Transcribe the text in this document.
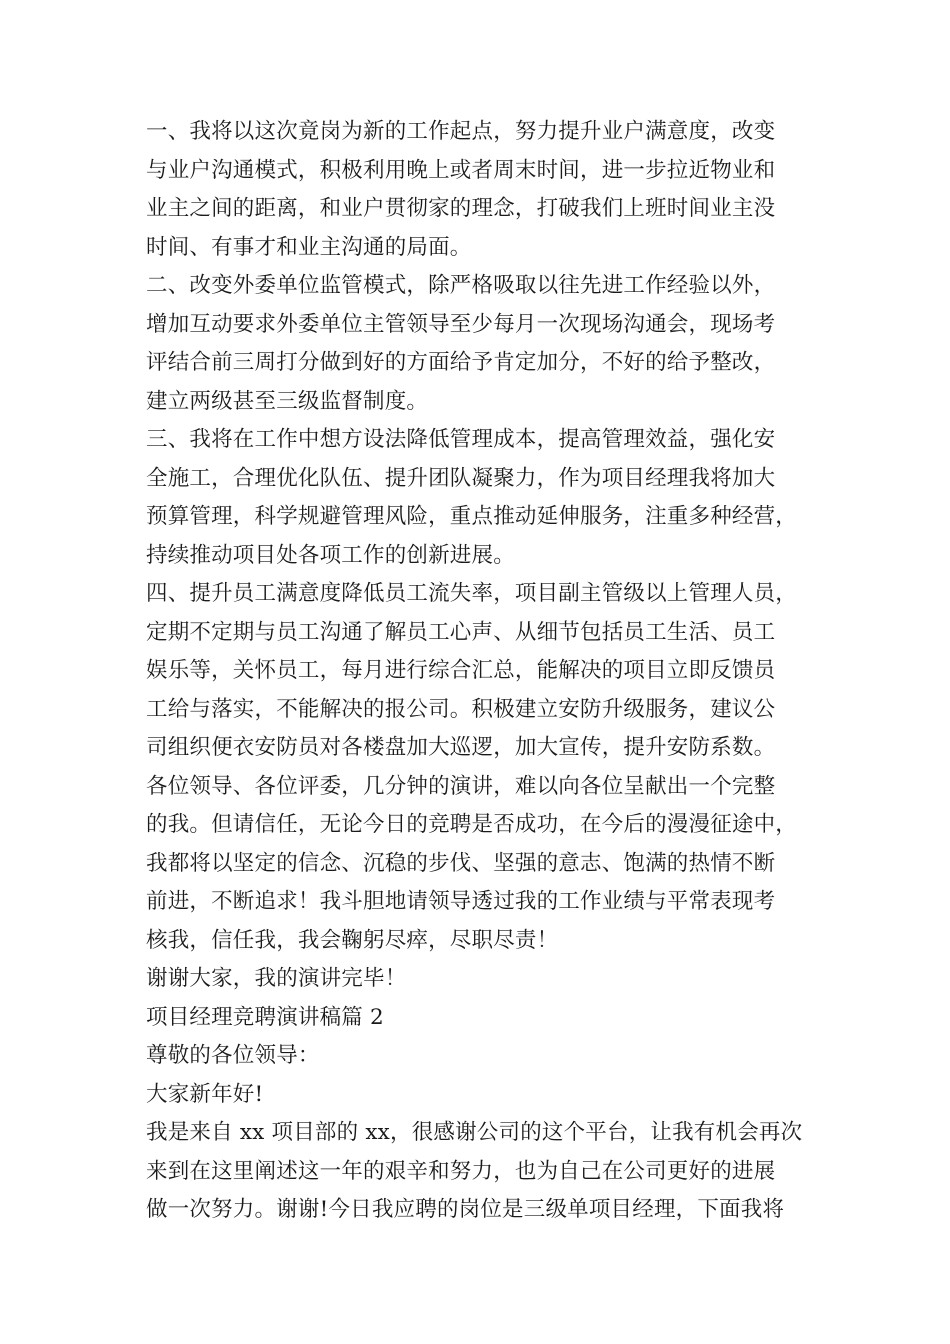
一、我将以这次竟岗为新的工作起点，努力提升业户满意度，改变
与业户沟通模式，积极利用晚上或者周末时间，进一步拉近物业和
业主之间的距离，和业户贯彻家的理念，打破我们上班时间业主没
时间、有事才和业主沟通的局面。
二、改变外委单位监管模式，除严格吸取以往先进工作经验以外，
增加互动要求外委单位主管领导至少每月一次现场沟通会，现场考
评结合前三周打分做到好的方面给予肯定加分，不好的给予整改，
建立两级甚至三级监督制度。
三、我将在工作中想方设法降低管理成本，提高管理效益，强化安
全施工，合理优化队伍、提升团队凝聚力，作为项目经理我将加大
预算管理，科学规避管理风险，重点推动延伸服务，注重多种经营，
持续推动项目处各项工作的创新进展。
四、提升员工满意度降低员工流失率，项目副主管级以上管理人员，
定期不定期与员工沟通了解员工心声、从细节包括员工生活、员工
娱乐等，关怀员工，每月进行综合汇总，能解决的项目立即反馈员
工给与落实，不能解决的报公司。积极建立安防升级服务，建议公
司组织便衣安防员对各楼盘加大巡逻，加大宣传，提升安防系数。
各位领导、各位评委，几分钟的演讲，难以向各位呈献出一个完整
的我。但请信任，无论今日的竞聘是否成功，在今后的漫漫征途中，
我都将以坚定的信念、沉稳的步伐、坚强的意志、饱满的热情不断
前进，不断追求！我斗胆地请领导透过我的工作业绩与平常表现考
核我，信任我，我会鞠躬尽瘁，尽职尽责！
谢谢大家，我的演讲完毕！
项目经理竞聘演讲稿篇 2
尊敬的各位领导：
大家新年好!
我是来自 xx 项目部的 xx，很感谢公司的这个平台，让我有机会再次
来到在这里阐述这一年的艰辛和努力，也为自己在公司更好的进展
做一次努力。谢谢!今日我应聘的岗位是三级单项目经理，下面我将
